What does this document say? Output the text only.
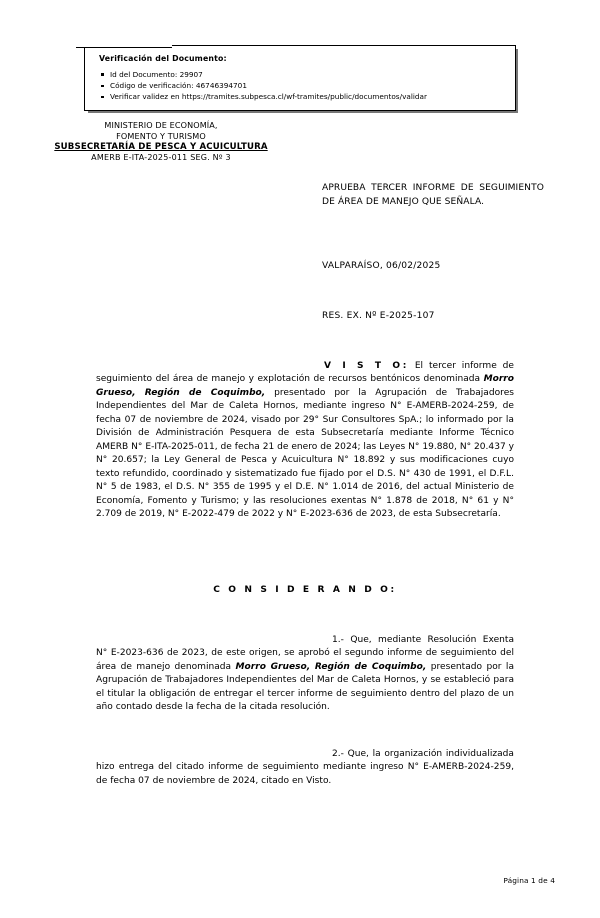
Verificación del Documento:
Id del Documento: 29907
Código de verificación: 46746394701
Verificar validez en https://tramites.subpesca.cl/wf-tramites/public/documentos/validar
MINISTERIO DE ECONOMÍA,
FOMENTO Y TURISMO
SUBSECRETARÍA DE PESCA Y ACUICULTURA
AMERB E-ITA-2025-011 SEG. Nº 3
APRUEBA TERCER INFORME DE SEGUIMIENTO DE ÁREA DE MANEJO QUE SEÑALA.
VALPARAÍSO, 06/02/2025
RES. EX. Nº E-2025-107

V I S T O: El tercer informe de seguimiento del área de manejo y explotación de recursos bentónicos denominada Morro Grueso, Región de Coquimbo, presentado por la Agrupación de Trabajadores Independientes del Mar de Caleta Hornos, mediante ingreso N° E-AMERB-2024-259, de fecha 07 de noviembre de 2024, visado por 29° Sur Consultores SpA.; lo informado por la División de Administración Pesquera de esta Subsecretaría mediante Informe Técnico AMERB N° E-ITA-2025-011, de fecha 21 de enero de 2024; las Leyes N° 19.880, N° 20.437 y N° 20.657; la Ley General de Pesca y Acuicultura N° 18.892 y sus modificaciones cuyo texto refundido, coordinado y sistematizado fue fijado por el D.S. N° 430 de 1991, el D.F.L. N° 5 de 1983, el D.S. N° 355 de 1995 y el D.E. N° 1.014 de 2016, del actual Ministerio de Economía, Fomento y Turismo; y las resoluciones exentas N° 1.878 de 2018, N° 61 y N° 2.709 de 2019, N° E-2022-479 de 2022 y N° E-2023-636 de 2023, de esta Subsecretaría.

C O N S I D E R A N D O:

1.- Que, mediante Resolución Exenta N° E-2023-636 de 2023, de este origen, se aprobó el segundo informe de seguimiento del área de manejo denominada Morro Grueso, Región de Coquimbo, presentado por la Agrupación de Trabajadores Independientes del Mar de Caleta Hornos, y se estableció para el titular la obligación de entregar el tercer informe de seguimiento dentro del plazo de un año contado desde la fecha de la citada resolución.

2.- Que, la organización individualizada hizo entrega del citado informe de seguimiento mediante ingreso N° E-AMERB-2024-259, de fecha 07 de noviembre de 2024, citado en Visto.

Página 1 de 4
